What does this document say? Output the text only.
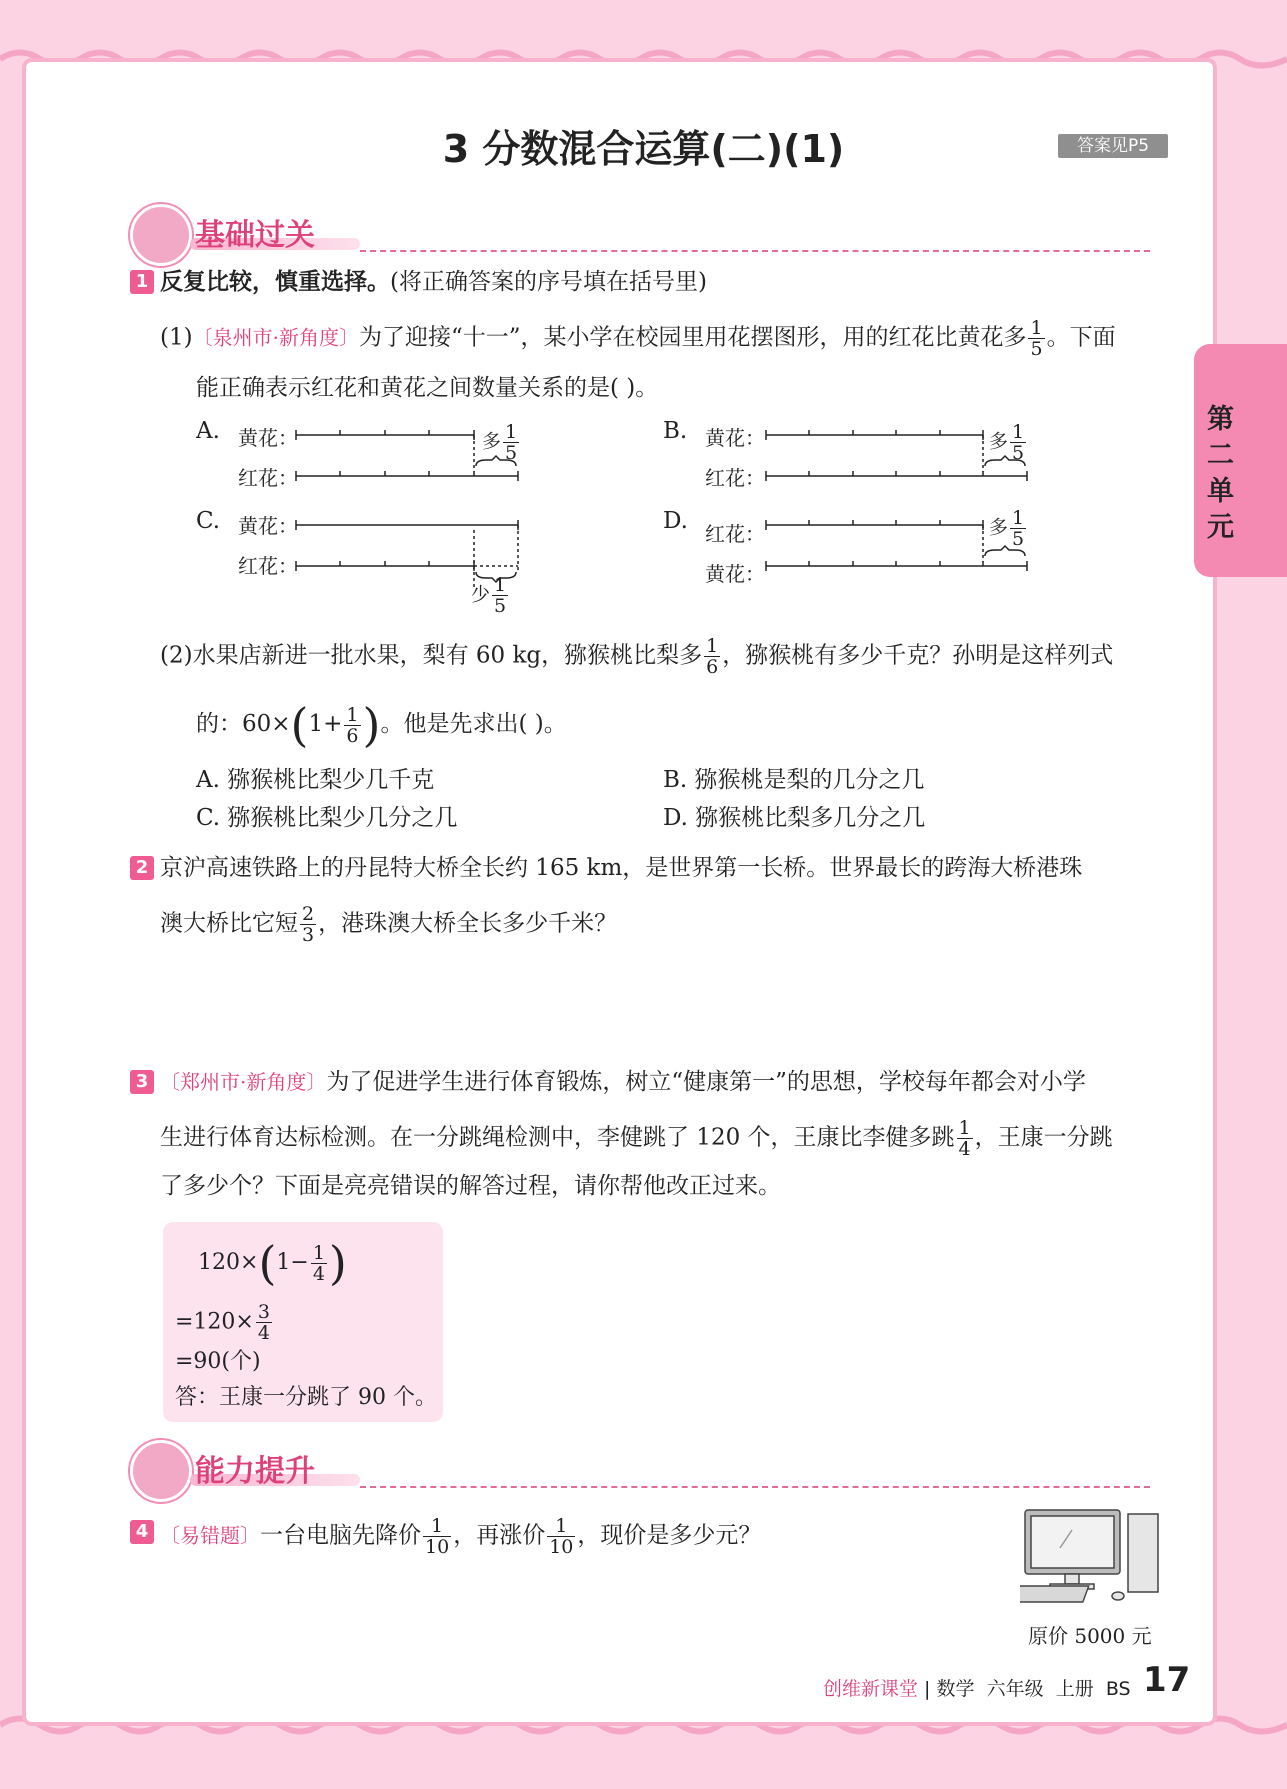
第
二
单
元
3 分数混合运算(二)(1)	答案见P5
基础过关
1 反复比较，慎重选择。(将正确答案的序号填在括号里)
(1)〔泉州市·新角度〕为了迎接“十一”，某小学在校园里用花摆图形，用的红花比黄花多 $\frac{1}{5}$ 。下面
能正确表示红花和黄花之间数量关系的是( )。
A. 黄花：
红花：
多 $\frac{1}{5}$
C. 黄花：
红花：
少 $\frac{1}{5}$
B. 黄花：
红花：
多 $\frac{1}{5}$
D. 红花：
黄花：
多 $\frac{1}{5}$
(2)水果店新进一批水果，梨有 60 kg，猕猴桃比梨多 $\frac{1}{6}$ ，猕猴桃有多少千克？孙明是这样列式
的：$60\times(1+ \frac{1}{6}$ )。他是先求出( )。
A. 猕猴桃比梨少几千克	B. 猕猴桃是梨的几分之几
C. 猕猴桃比梨少几分之几	D. 猕猴桃比梨多几分之几
2 京沪高速铁路上的丹昆特大桥全长约 165 km，是世界第一长桥。世界最长的跨海大桥港珠
澳大桥比它短 $\frac{2}{3}$ ，港珠澳大桥全长多少千米？
3 〔郑州市·新角度〕为了促进学生进行体育锻炼，树立“健康第一”的思想，学校每年都会对小学
生进行体育达标检测。在一分跳绳检测中，李健跳了 120 个，王康比李健多跳 $\frac{1}{4}$ ，王康一分跳
了多少个？下面是亮亮错误的解答过程，请你帮他改正过来。
$120\times(1- \frac{1}{4}$ )
$=120\times \frac{3}{4}$
=90(个)
答：王康一分跳了 90 个。
能力提升
4 〔易错题〕一台电脑先降价 $\frac{1}{10}$ ，再涨价 $\frac{1}{10}$ ，现价是多少元？
原价 5000 元
创维新课堂 | 数学 六年级 上册 BS 17
